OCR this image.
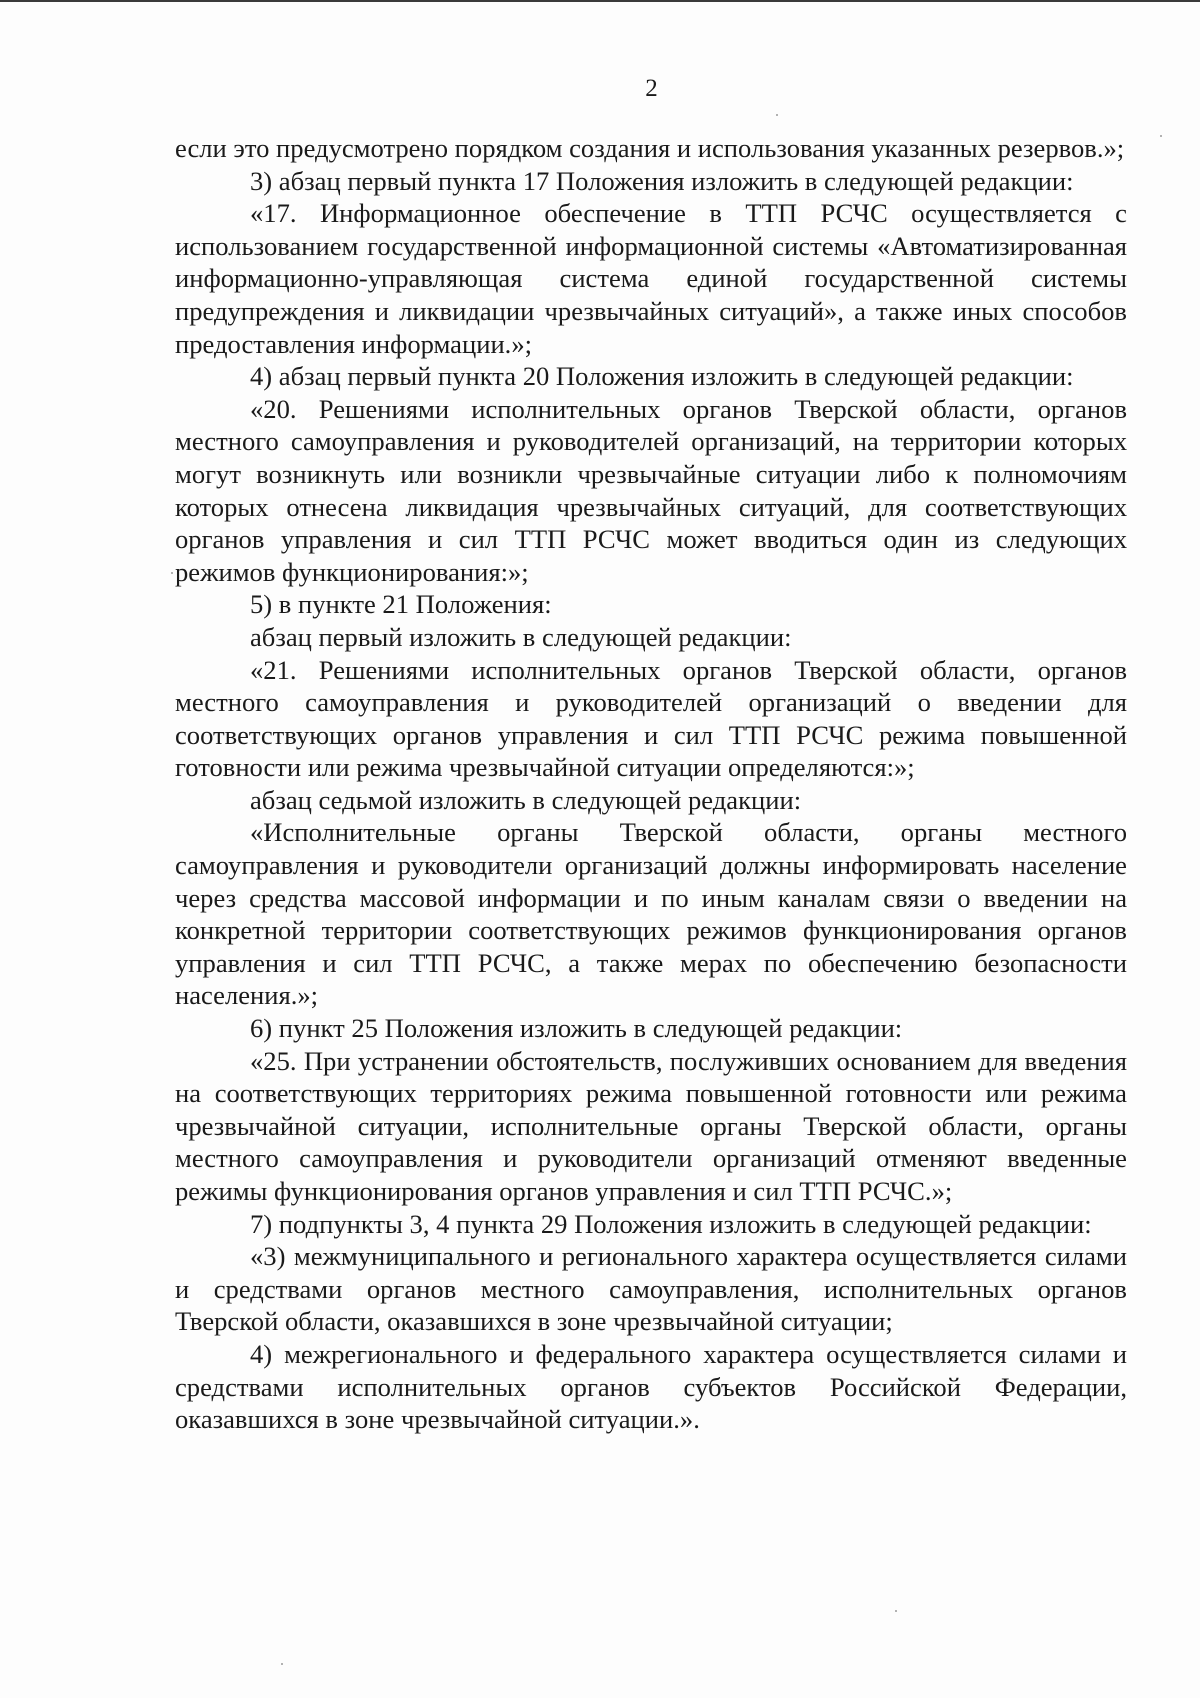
2

если это предусмотрено порядком создания и использования указанных резервов.»;

3) абзац первый пункта 17 Положения изложить в следующей редакции:

«17. Информационное обеспечение в ТТП РСЧС осуществляется с использованием государственной информационной системы «Автоматизированная информационно-управляющая система единой государственной системы предупреждения и ликвидации чрезвычайных ситуаций», а также иных способов предоставления информации.»;

4) абзац первый пункта 20 Положения изложить в следующей редакции:

«20. Решениями исполнительных органов Тверской области, органов местного самоуправления и руководителей организаций, на территории которых могут возникнуть или возникли чрезвычайные ситуации либо к полномочиям которых отнесена ликвидация чрезвычайных ситуаций, для соответствующих органов управления и сил ТТП РСЧС может вводиться один из следующих режимов функционирования:»;

5) в пункте 21 Положения:

абзац первый изложить в следующей редакции:

«21. Решениями исполнительных органов Тверской области, органов местного самоуправления и руководителей организаций о введении для соответствующих органов управления и сил ТТП РСЧС режима повышенной готовности или режима чрезвычайной ситуации определяются:»;

абзац седьмой изложить в следующей редакции:

«Исполнительные органы Тверской области, органы местного самоуправления и руководители организаций должны информировать население через средства массовой информации и по иным каналам связи о введении на конкретной территории соответствующих режимов функционирования органов управления и сил ТТП РСЧС, а также мерах по обеспечению безопасности населения.»;

6) пункт 25 Положения изложить в следующей редакции:

«25. При устранении обстоятельств, послуживших основанием для введения на соответствующих территориях режима повышенной готовности или режима чрезвычайной ситуации, исполнительные органы Тверской области, органы местного самоуправления и руководители организаций отменяют введенные режимы функционирования органов управления и сил ТТП РСЧС.»;

7) подпункты 3, 4 пункта 29 Положения изложить в следующей редакции:

«3) межмуниципального и регионального характера осуществляется силами и средствами органов местного самоуправления, исполнительных органов Тверской области, оказавшихся в зоне чрезвычайной ситуации;

4) межрегионального и федерального характера осуществляется силами и средствами исполнительных органов субъектов Российской Федерации, оказавшихся в зоне чрезвычайной ситуации.».
